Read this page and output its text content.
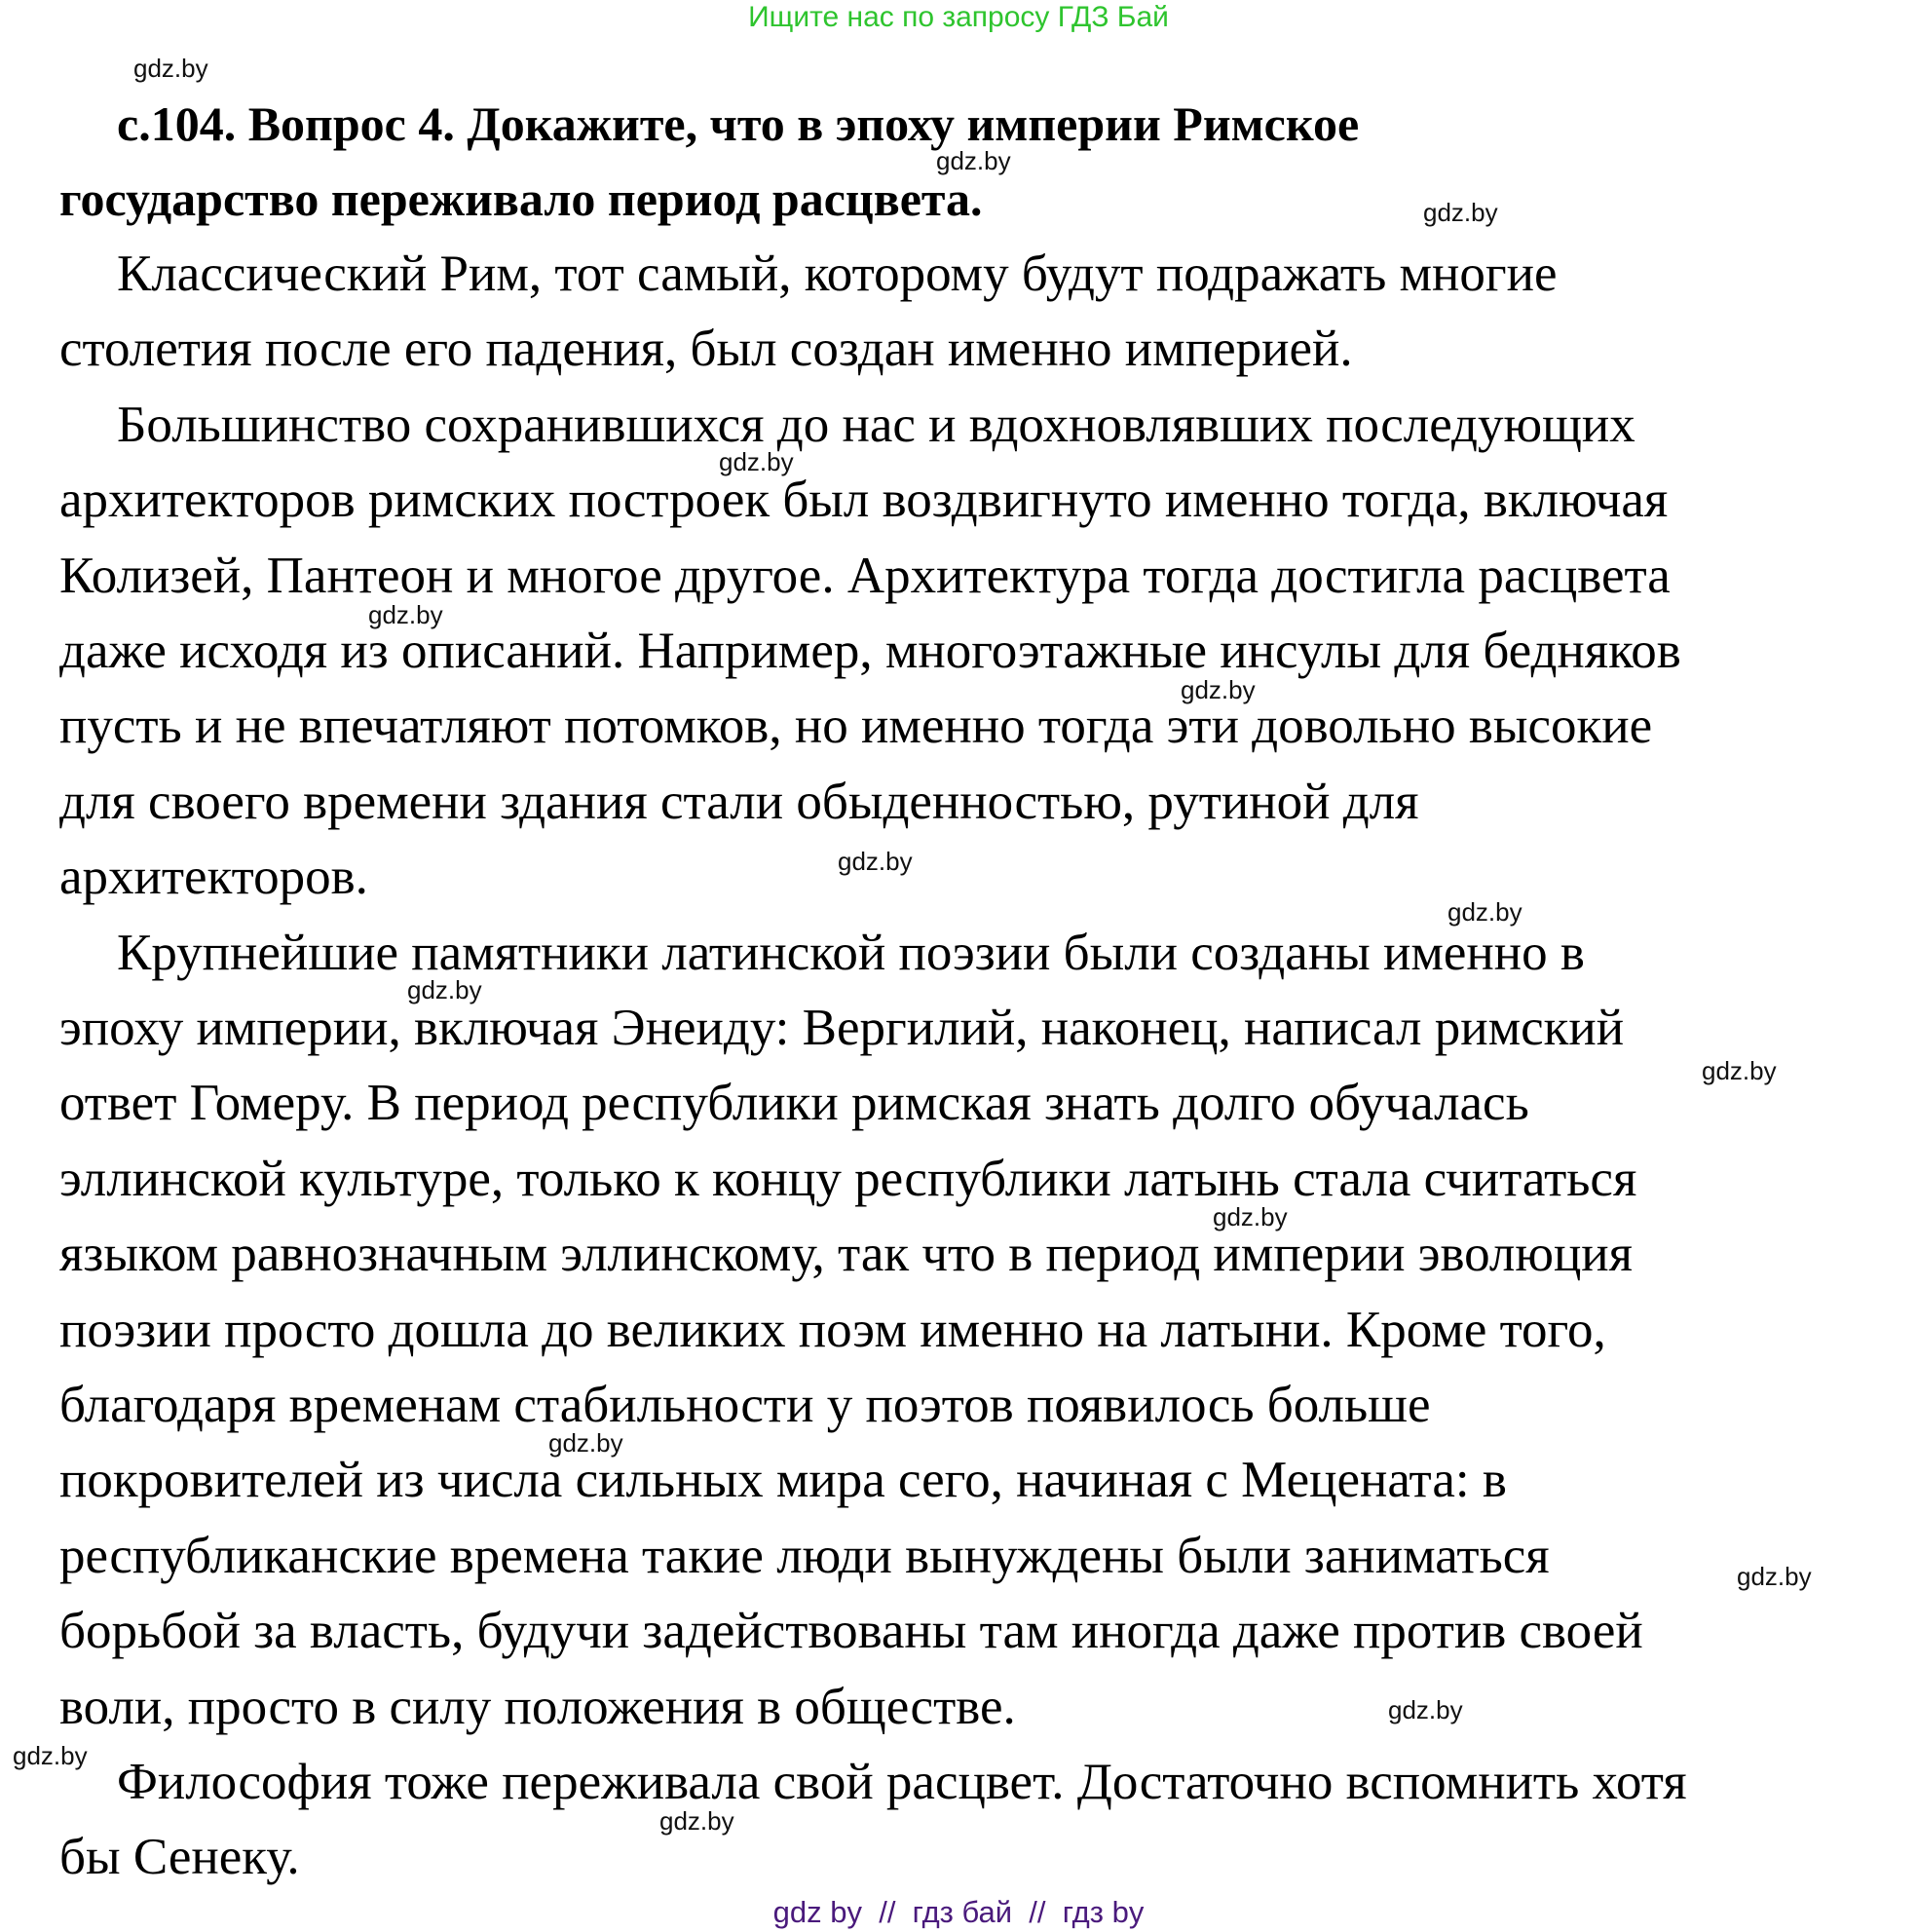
Ищите нас по запросу ГДЗ Бай
с.104. Вопрос 4. Докажите, что в эпоху империи Римское
государство переживало период расцвета.
Классический Рим, тот самый, которому будут подражать многие
столетия после его падения, был создан именно империей.
Большинство сохранившихся до нас и вдохновлявших последующих
архитекторов римских построек был воздвигнуто именно тогда, включая
Колизей, Пантеон и многое другое. Архитектура тогда достигла расцвета
даже исходя из описаний. Например, многоэтажные инсулы для бедняков
пусть и не впечатляют потомков, но именно тогда эти довольно высокие
для своего времени здания стали обыденностью, рутиной для
архитекторов.
Крупнейшие памятники латинской поэзии были созданы именно в
эпоху империи, включая Энеиду: Вергилий, наконец, написал римский
ответ Гомеру. В период республики римская знать долго обучалась
эллинской культуре, только к концу республики латынь стала считаться
языком равнозначным эллинскому, так что в период империи эволюция
поэзии просто дошла до великих поэм именно на латыни. Кроме того,
благодаря временам стабильности у поэтов появилось больше
покровителей из числа сильных мира сего, начиная с Мецената: в
республиканские времена такие люди вынуждены были заниматься
борьбой за власть, будучи задействованы там иногда даже против своей
воли, просто в силу положения в обществе.
Философия тоже переживала свой расцвет. Достаточно вспомнить хотя
бы Сенеку.
gdz.by
gdz.by
gdz.by
gdz.by
gdz.by
gdz.by
gdz.by
gdz.by
gdz.by
gdz.by
gdz.by
gdz.by
gdz.by
gdz.by
gdz.by
gdz.by
gdz by  //  гдз бай  //  гдз by
